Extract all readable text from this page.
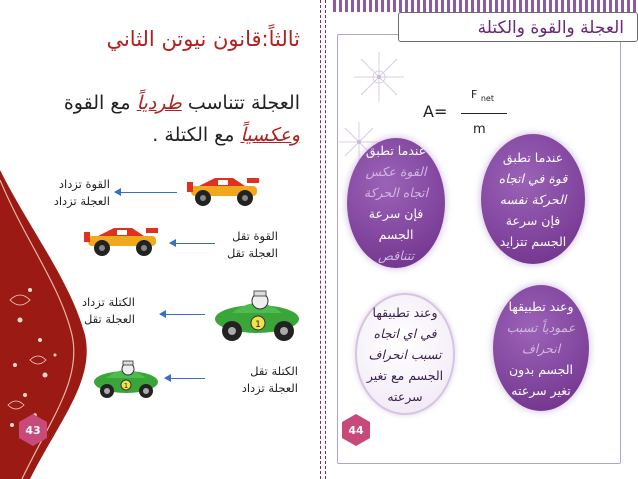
ثالثاً:قانون نيوتن الثاني
العجلة تتناسب طردياً مع القوة
وعكسياً مع الكتلة .
القوة تزداد
العجلة تزداد
القوة تقل
العجلة تقل
1
الكتلة تزداد
العجلة تقل
1
الكتلة تقل
العجلة تزداد
43
العجلة والقوة والكتلة
A=
F $_{net}$
m
عندما تطبق
قوة في اتجاه
الحركة نفسه
فإن سرعة
الجسم تتزايد
عندما تطبق
القوة عكس
اتجاه الحركة
فإن سرعة
الجسم
تتناقص
وعند تطبيقها
عمودياً تسبب
انحراف
الجسم بدون
تغير سرعته
وعند تطبيقها
في اي اتجاه
تسبب انحراف
الجسم مع تغير
سرعته
44
